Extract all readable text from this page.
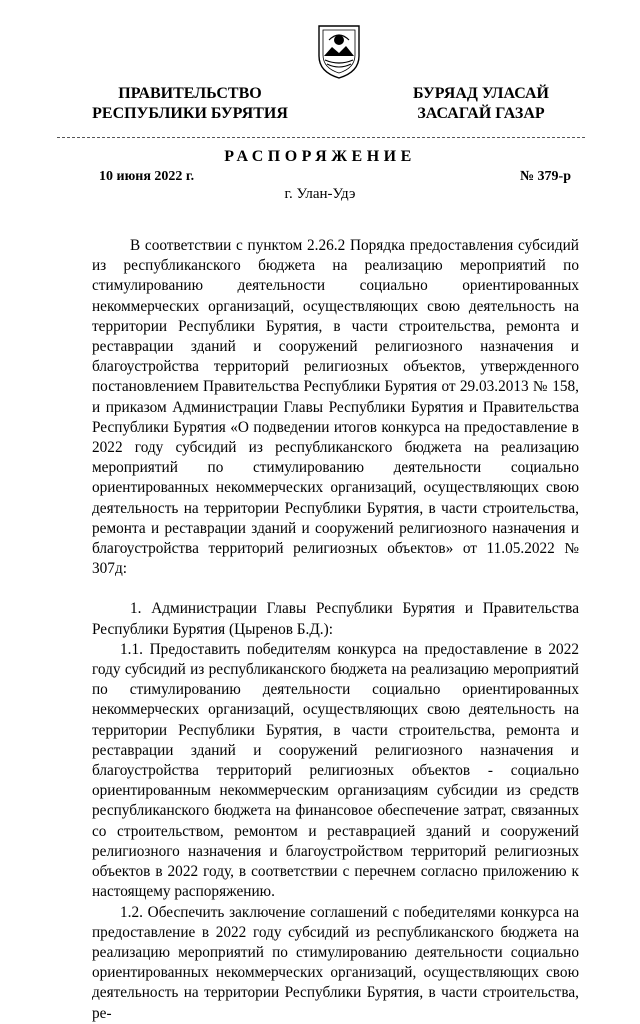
ПРАВИТЕЛЬСТВО
РЕСПУБЛИКИ БУРЯТИЯ
БУРЯАД УЛАСАЙ
ЗАСАГАЙ ГАЗАР
РАСПОРЯЖЕНИЕ
10 июня 2022 г.	№ 379-р
г. Улан-Удэ

В соответствии с пунктом 2.26.2 Порядка предоставления субсидий из республиканского бюджета на реализацию мероприятий по стимулированию деятельности социально ориентированных некоммерческих организаций, осуществляющих свою деятельность на территории Республики Бурятия, в части строительства, ремонта и реставрации зданий и сооружений религиозного назначения и благоустройства территорий религиозных объектов, утвержденного постановлением Правительства Республики Бурятия от 29.03.2013 № 158, и приказом Администрации Главы Республики Бурятия и Правительства Республики Бурятия «О подведении итогов конкурса на предоставление в 2022 году субсидий из республиканского бюджета на реализацию мероприятий по стимулированию деятельности социально ориентированных некоммерческих организаций, осуществляющих свою деятельность на территории Республики Бурятия, в части строительства, ремонта и реставрации зданий и сооружений религиозного назначения и благоустройства территорий религиозных объектов» от 11.05.2022 № 307д:

1. Администрации Главы Республики Бурятия и Правительства Республики Бурятия (Цыренов Б.Д.):

1.1. Предоставить победителям конкурса на предоставление в 2022 году субсидий из республиканского бюджета на реализацию мероприятий по стимулированию деятельности социально ориентированных некоммерческих организаций, осуществляющих свою деятельность на территории Республики Бурятия, в части строительства, ремонта и реставрации зданий и сооружений религиозного назначения и благоустройства территорий религиозных объектов - социально ориентированным некоммерческим организациям субсидии из средств республиканского бюджета на финансовое обеспечение затрат, связанных со строительством, ремонтом и реставрацией зданий и сооружений религиозного назначения и благоустройством территорий религиозных объектов в 2022 году, в соответствии с перечнем согласно приложению к настоящему распоряжению.

1.2. Обеспечить заключение соглашений с победителями конкурса на предоставление в 2022 году субсидий из республиканского бюджета на реализацию мероприятий по стимулированию деятельности социально ориентированных некоммерческих организаций, осуществляющих свою деятельность на территории Республики Бурятия, в части строительства, ре-
